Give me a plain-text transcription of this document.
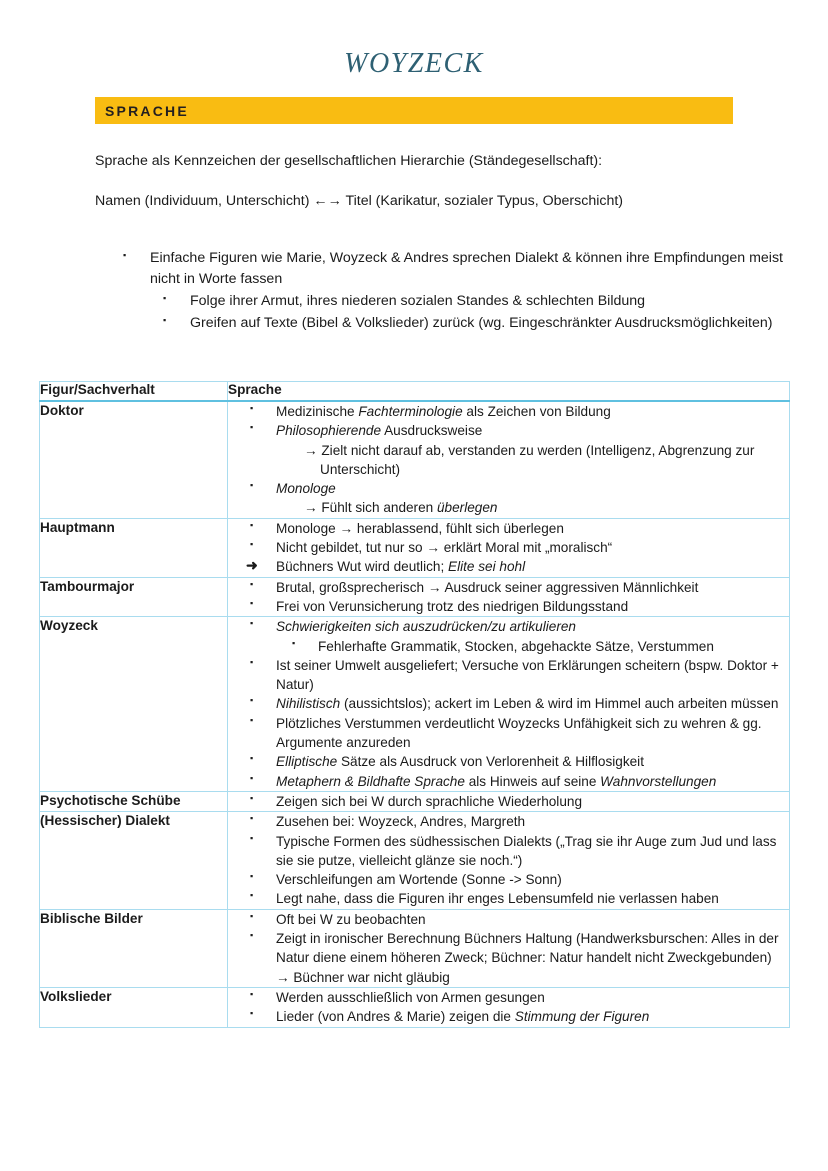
WOYZECK
SPRACHE

Sprache als Kennzeichen der gesellschaftlichen Hierarchie (Ständegesellschaft):

Namen (Individuum, Unterschicht) ←→ Titel (Karikatur, sozialer Typus, Oberschicht)

▪ Einfache Figuren wie Marie, Woyzeck & Andres sprechen Dialekt & können ihre Empfindungen meist nicht in Worte fassen
▪ Folge ihrer Armut, ihres niederen sozialen Standes & schlechten Bildung
▪ Greifen auf Texte (Bibel & Volkslieder) zurück (wg. Eingeschränkter Ausdrucksmöglichkeiten)
Figur/Sachverhalt	Sprache
Doktor	▪ Medizinische Fachterminologie als Zeichen von Bildung
▪ Philosophierende Ausdrucksweise
→ Zielt nicht darauf ab, verstanden zu werden (Intelligenz, Abgrenzung zur Unterschicht)
▪ Monologe
→ Fühlt sich anderen überlegen

Hauptmann	▪ Monologe → herablassend, fühlt sich überlegen
▪ Nicht gebildet, tut nur so → erklärt Moral mit „moralisch“
➜ Büchners Wut wird deutlich; Elite sei hohl

Tambourmajor	▪ Brutal, großsprecherisch → Ausdruck seiner aggressiven Männlichkeit
▪ Frei von Verunsicherung trotz des niedrigen Bildungsstand

Woyzeck	▪ Schwierigkeiten sich auszudrücken/zu artikulieren
▪ Fehlerhafte Grammatik, Stocken, abgehackte Sätze, Verstummen
▪ Ist seiner Umwelt ausgeliefert; Versuche von Erklärungen scheitern (bspw. Doktor + Natur)
▪ Nihilistisch (aussichtslos); ackert im Leben & wird im Himmel auch arbeiten müssen
▪ Plötzliches Verstummen verdeutlicht Woyzecks Unfähigkeit sich zu wehren & gg. Argumente anzureden
▪ Elliptische Sätze als Ausdruck von Verlorenheit & Hilflosigkeit
▪ Metaphern & Bildhafte Sprache als Hinweis auf seine Wahnvorstellungen

Psychotische Schübe	▪ Zeigen sich bei W durch sprachliche Wiederholung

(Hessischer) Dialekt	▪ Zusehen bei: Woyzeck, Andres, Margreth
▪ Typische Formen des südhessischen Dialekts („Trag sie ihr Auge zum Jud und lass sie sie putze, vielleicht glänze sie noch.“)
▪ Verschleifungen am Wortende (Sonne -> Sonn)
▪ Legt nahe, dass die Figuren ihr enges Lebensumfeld nie verlassen haben

Biblische Bilder	▪ Oft bei W zu beobachten
▪ Zeigt in ironischer Berechnung Büchners Haltung (Handwerksburschen: Alles in der Natur diene einem höheren Zweck; Büchner: Natur handelt nicht Zweckgebunden) → Büchner war nicht gläubig

Volkslieder	▪ Werden ausschließlich von Armen gesungen
▪ Lieder (von Andres & Marie) zeigen die Stimmung der Figuren
